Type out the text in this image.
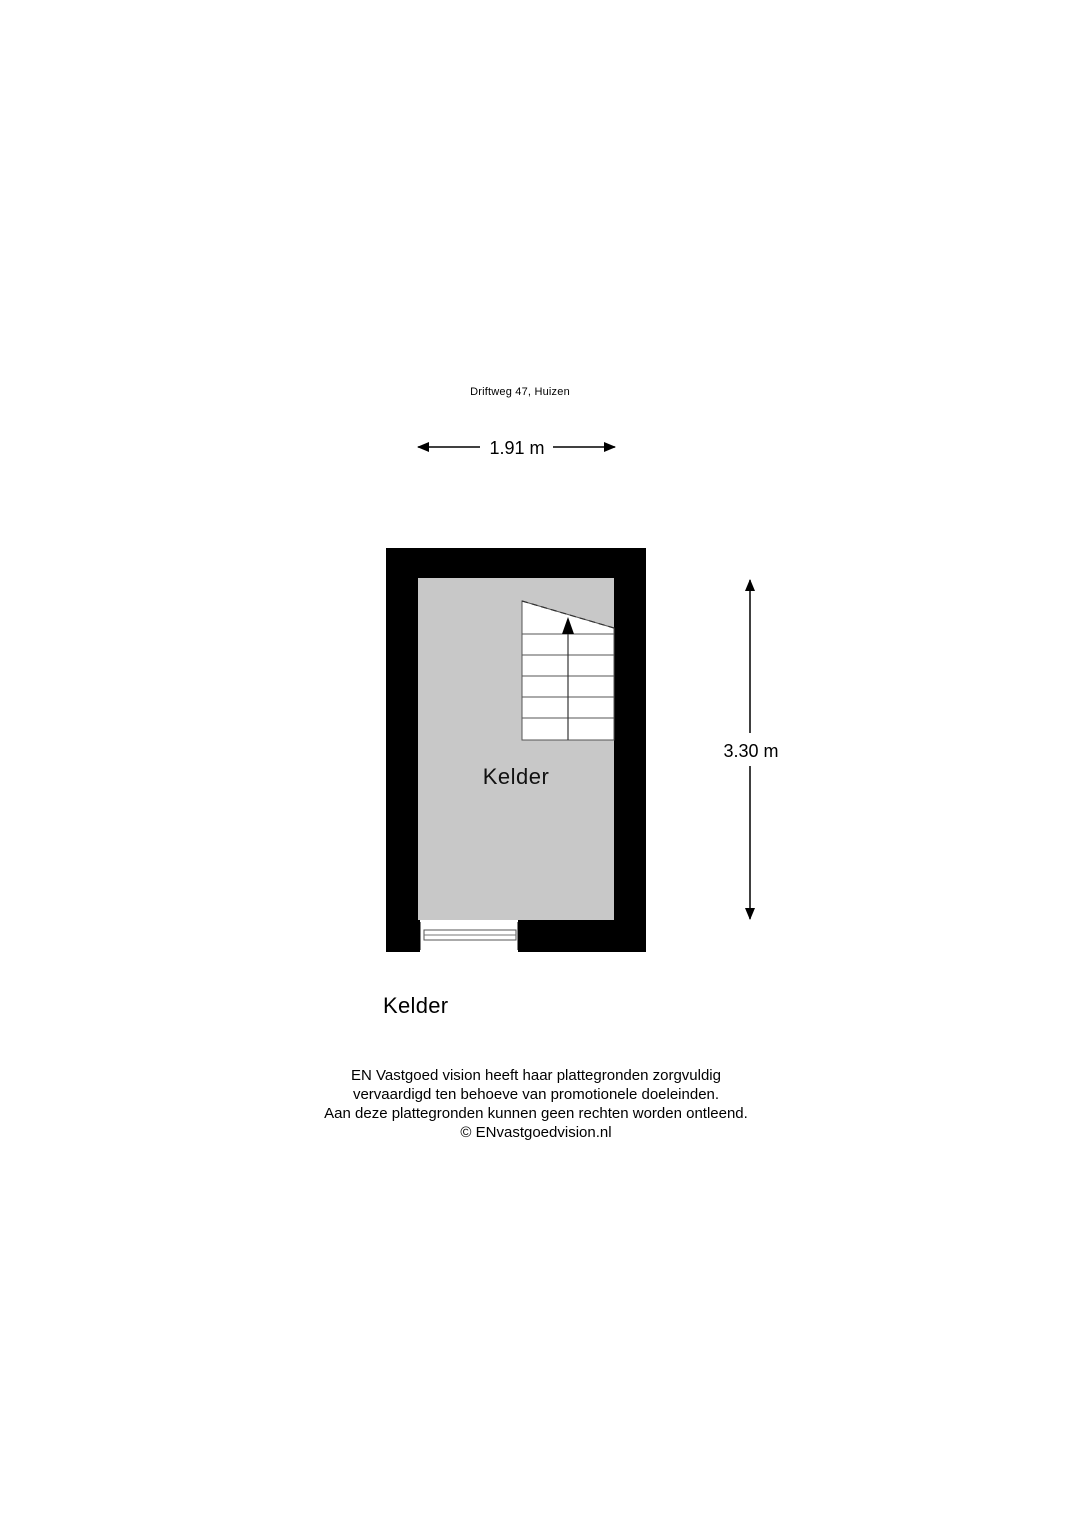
Driftweg 47, Huizen
1.91 m
3.30 m
Kelder
Kelder
EN Vastgoed vision heeft haar plattegronden zorgvuldig
vervaardigd ten behoeve van promotionele doeleinden.
Aan deze plattegronden kunnen geen rechten worden ontleend.
© ENvastgoedvision.nl
